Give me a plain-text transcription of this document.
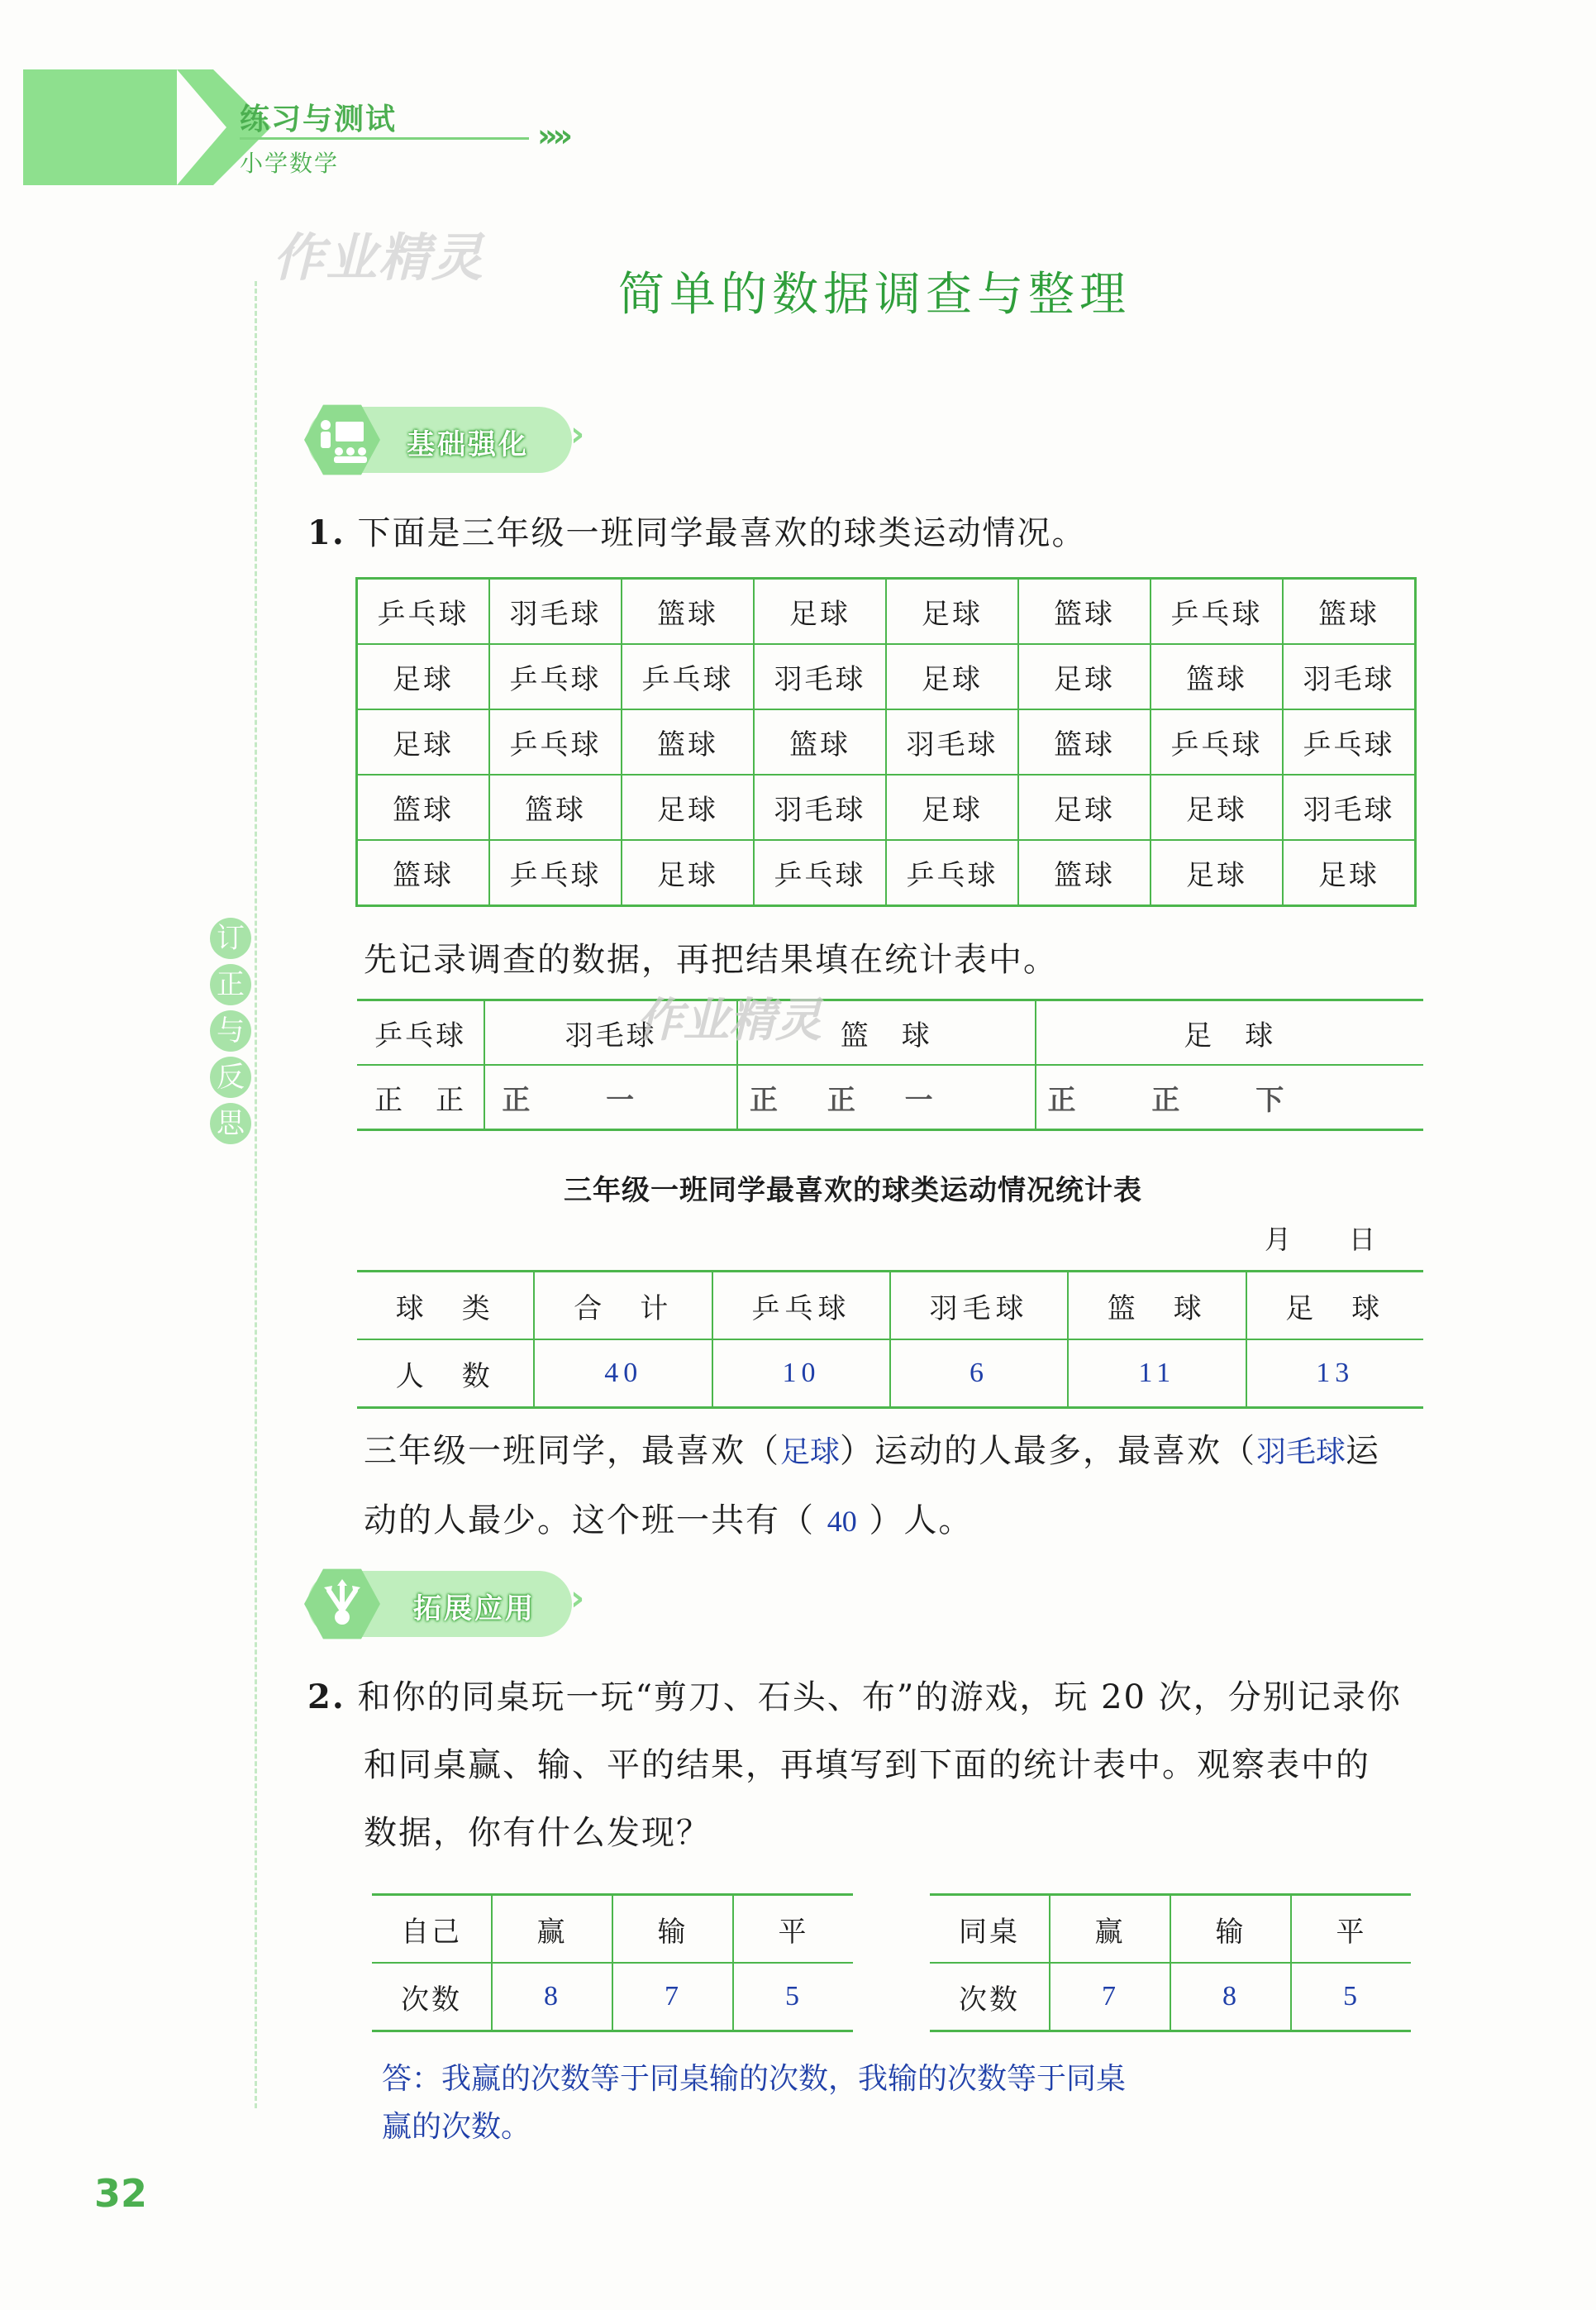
练习与测试	»»
小学数学
订
正
与
反
思
作业精灵
简单的数据调查与整理
基础强化 ›
1. 下面是三年级一班同学最喜欢的球类运动情况。
乒乓球	羽毛球	篮球	足球	足球	篮球	乒乓球	篮球
足球	乒乓球	乒乓球	羽毛球	足球	足球	篮球	羽毛球
足球	乒乓球	篮球	篮球	羽毛球	篮球	乒乓球	乒乓球
篮球	篮球	足球	羽毛球	足球	足球	足球	羽毛球
篮球	乒乓球	足球	乒乓球	乒乓球	篮球	足球	足球
先记录调查的数据，再把结果填在统计表中。
乒乓球	羽毛球	篮　球	足　球
正　正	正 一	正 正 一	正 正 下
作业精灵
三年级一班同学最喜欢的球类运动情况统计表
月　　日
球　类	合　计	乒乓球	羽毛球	篮　球	足　球
人　数	40	10	6	11	13
三年级一班同学，最喜欢（足球）运动的人最多，最喜欢（羽毛球运
动的人最少。这个班一共有（ 40 ）人。
拓展应用 ›
2. 和你的同桌玩一玩“剪刀、石头、布”的游戏，玩 20 次，分别记录你
和同桌赢、输、平的结果，再填写到下面的统计表中。观察表中的
数据，你有什么发现？
自己	赢	输	平
次数	8	7	5
同桌	赢	输	平
次数	7	8	5
答：我赢的次数等于同桌输的次数，我输的次数等于同桌
赢的次数。
32
